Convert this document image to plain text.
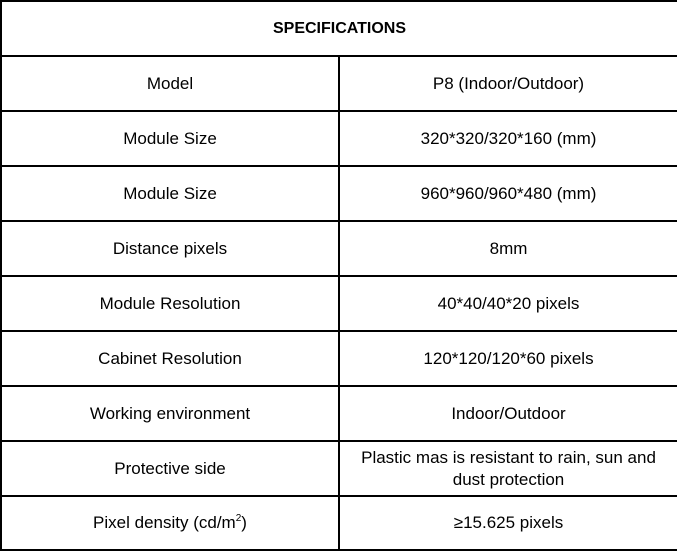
SPECIFICATIONS	
Model	P8 (Indoor/Outdoor)
Module Size	320*320/320*160 (mm)
Module Size	960*960/960*480 (mm)
Distance pixels	8mm
Module Resolution	40*40/40*20 pixels
Cabinet Resolution	120*120/120*60 pixels
Working environment	Indoor/Outdoor
Protective side	Plastic mas is resistant to rain, sun and dust protection
Pixel density $(cd/m^2)$	≥15.625 pixels
